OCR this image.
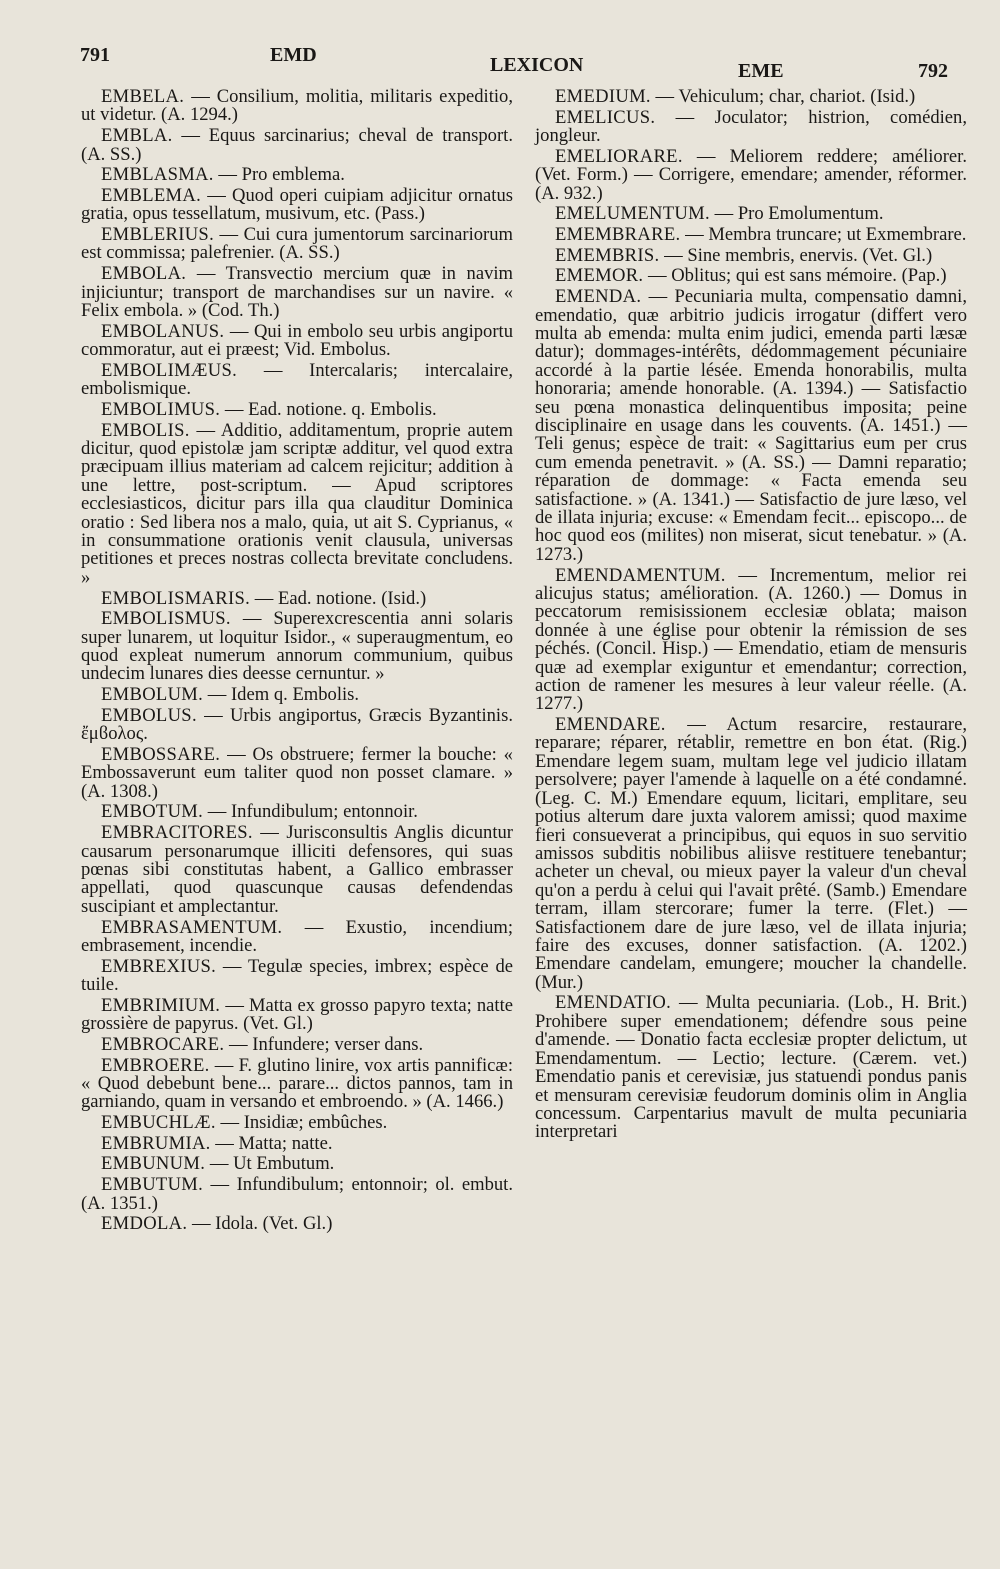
791	EMD	LEXICON	EME	792

EMBELA. — Consilium, molitia, militaris expeditio, ut videtur. (A. 1294.)

EMBLA. — Equus sarcinarius; cheval de transport. (A. SS.)

EMBLASMA. — Pro emblema.

EMBLEMA. — Quod operi cuipiam adjicitur ornatus gratia, opus tessellatum, musivum, etc. (Pass.)

EMBLERIUS. — Cui cura jumentorum sarcinariorum est commissa; palefrenier. (A. SS.)

EMBOLA. — Transvectio mercium quæ in navim injiciuntur; transport de marchandises sur un navire. « Felix embola. » (Cod. Th.)

EMBOLANUS. — Qui in embolo seu urbis angiportu commoratur, aut ei præest; Vid. Embolus.

EMBOLIMÆUS. — Intercalaris; intercalaire, embolismique.

EMBOLIMUS. — Ead. notione. q. Embolis.

EMBOLIS. — Additio, additamentum, proprie autem dicitur, quod epistolæ jam scriptæ additur, vel quod extra præcipuam illius materiam ad calcem rejicitur; addition à une lettre, post-scriptum. — Apud scriptores ecclesiasticos, dicitur pars illa qua clauditur Dominica oratio : Sed libera nos a malo, quia, ut ait S. Cyprianus, « in consummatione orationis venit clausula, universas petitiones et preces nostras collecta brevitate concludens. »

EMBOLISMARIS. — Ead. notione. (Isid.)

EMBOLISMUS. — Superexcrescentia anni solaris super lunarem, ut loquitur Isidor., « superaugmentum, eo quod expleat numerum annorum communium, quibus undecim lunares dies deesse cernuntur. »

EMBOLUM. — Idem q. Embolis.

EMBOLUS. — Urbis angiportus, Græcis Byzantinis. ἔμϐολος.

EMBOSSARE. — Os obstruere; fermer la bouche: « Embossaverunt eum taliter quod non posset clamare. » (A. 1308.)

EMBOTUM. — Infundibulum; entonnoir.

EMBRACITORES. — Jurisconsultis Anglis dicuntur causarum personarumque illiciti defensores, qui suas pœnas sibi constitutas habent, a Gallico embrasser appellati, quod quascunque causas defendendas suscipiant et amplectantur.

EMBRASAMENTUM. — Exustio, incendium; embrasement, incendie.

EMBREXIUS. — Tegulæ species, imbrex; espèce de tuile.

EMBRIMIUM. — Matta ex grosso papyro texta; natte grossière de papyrus. (Vet. Gl.)

EMBROCARE. — Infundere; verser dans.

EMBROERE. — F. glutino linire, vox artis pannificæ: « Quod debebunt bene... parare... dictos pannos, tam in garniando, quam in versando et embroendo. » (A. 1466.)

EMBUCHLÆ. — Insidiæ; embûches.

EMBRUMIA. — Matta; natte.

EMBUNUM. — Ut Embutum.

EMBUTUM. — Infundibulum; entonnoir; ol. embut. (A. 1351.)

EMDOLA. — Idola. (Vet. Gl.)

EMEDIUM. — Vehiculum; char, chariot. (Isid.)

EMELICUS. — Joculator; histrion, comédien, jongleur.

EMELIORARE. — Meliorem reddere; améliorer. (Vet. Form.) — Corrigere, emendare; amender, réformer. (A. 932.)

EMELUMENTUM. — Pro Emolumentum.

EMEMBRARE. — Membra truncare; ut Exmembrare.

EMEMBRIS. — Sine membris, enervis. (Vet. Gl.)

EMEMOR. — Oblitus; qui est sans mémoire. (Pap.)

EMENDA. — Pecuniaria multa, compensatio damni, emendatio, quæ arbitrio judicis irrogatur (differt vero multa ab emenda: multa enim judici, emenda parti læsæ datur); dommages-intérêts, dédommagement pécuniaire accordé à la partie lésée. Emenda honorabilis, multa honoraria; amende honorable. (A. 1394.) — Satisfactio seu pœna monastica delinquentibus imposita; peine disciplinaire en usage dans les couvents. (A. 1451.) — Teli genus; espèce de trait: « Sagittarius eum per crus cum emenda penetravit. » (A. SS.) — Damni reparatio; réparation de dommage: « Facta emenda seu satisfactione. » (A. 1341.) — Satisfactio de jure læso, vel de illata injuria; excuse: « Emendam fecit... episcopo... de hoc quod eos (milites) non miserat, sicut tenebatur. » (A. 1273.)

EMENDAMENTUM. — Incrementum, melior rei alicujus status; amélioration. (A. 1260.) — Domus in peccatorum remisissionem ecclesiæ oblata; maison donnée à une église pour obtenir la rémission de ses péchés. (Concil. Hisp.) — Emendatio, etiam de mensuris quæ ad exemplar exiguntur et emendantur; correction, action de ramener les mesures à leur valeur réelle. (A. 1277.)

EMENDARE. — Actum resarcire, restaurare, reparare; réparer, rétablir, remettre en bon état. (Rig.) Emendare legem suam, multam lege vel judicio illatam persolvere; payer l'amende à laquelle on a été condamné. (Leg. C. M.) Emendare equum, licitari, emplitare, seu potius alterum dare juxta valorem amissi; quod maxime fieri consueverat a principibus, qui equos in suo servitio amissos subditis nobilibus aliisve restituere tenebantur; acheter un cheval, ou mieux payer la valeur d'un cheval qu'on a perdu à celui qui l'avait prêté. (Samb.) Emendare terram, illam stercorare; fumer la terre. (Flet.) — Satisfactionem dare de jure læso, vel de illata injuria; faire des excuses, donner satisfaction. (A. 1202.) Emendare candelam, emungere; moucher la chandelle. (Mur.)

EMENDATIO. — Multa pecuniaria. (Lob., H. Brit.) Prohibere super emendationem; défendre sous peine d'amende. — Donatio facta ecclesiæ propter delictum, ut Emendamentum. — Lectio; lecture. (Cærem. vet.) Emendatio panis et cerevisiæ, jus statuendi pondus panis et mensuram cerevisiæ feudorum dominis olim in Anglia concessum. Carpentarius mavult de multa pecuniaria interpretari
